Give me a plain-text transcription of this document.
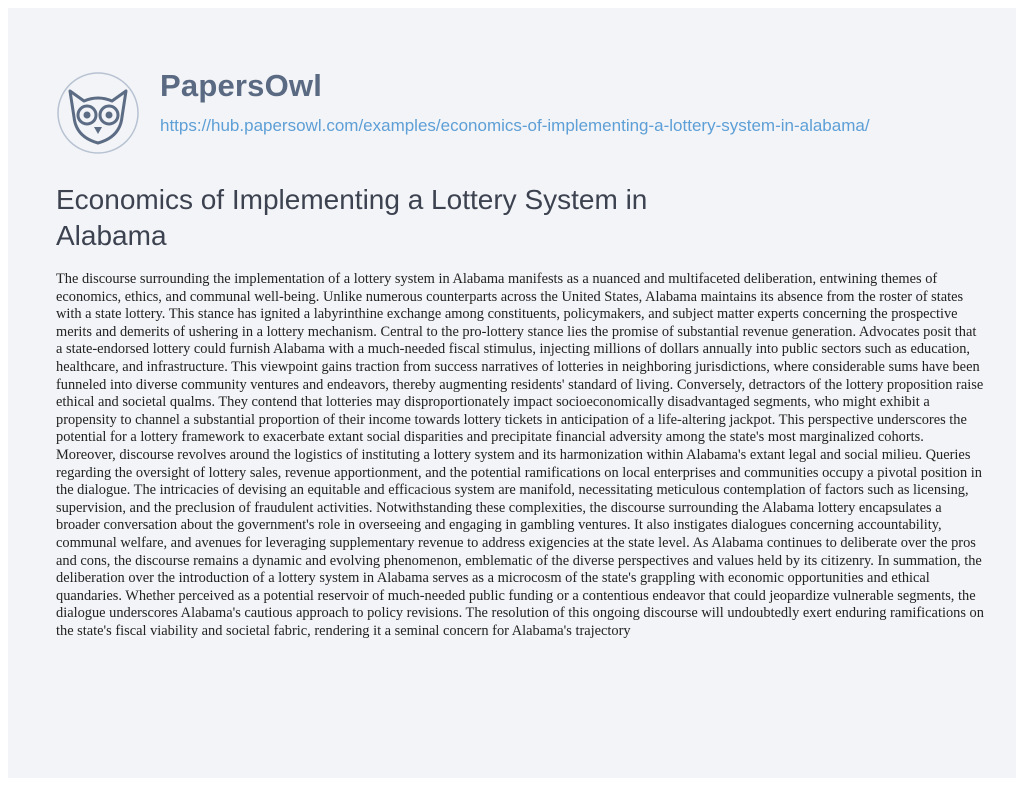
PapersOwl
https://hub.papersowl.com/examples/economics-of-implementing-a-lottery-system-in-alabama/
Economics of Implementing a Lottery System in Alabama

The discourse surrounding the implementation of a lottery system in Alabama manifests as a nuanced and multifaceted deliberation, entwining themes of economics, ethics, and communal well-being. Unlike numerous counterparts across the United States, Alabama maintains its absence from the roster of states with a state lottery. This stance has ignited a labyrinthine exchange among constituents, policymakers, and subject matter experts concerning the prospective merits and demerits of ushering in a lottery mechanism. Central to the pro-lottery stance lies the promise of substantial revenue generation. Advocates posit that a state-endorsed lottery could furnish Alabama with a much-needed fiscal stimulus, injecting millions of dollars annually into public sectors such as education, healthcare, and infrastructure. This viewpoint gains traction from success narratives of lotteries in neighboring jurisdictions, where considerable sums have been funneled into diverse community ventures and endeavors, thereby augmenting residents' standard of living. Conversely, detractors of the lottery proposition raise ethical and societal qualms. They contend that lotteries may disproportionately impact socioeconomically disadvantaged segments, who might exhibit a propensity to channel a substantial proportion of their income towards lottery tickets in anticipation of a life-altering jackpot. This perspective underscores the potential for a lottery framework to exacerbate extant social disparities and precipitate financial adversity among the state's most marginalized cohorts. Moreover, discourse revolves around the logistics of instituting a lottery system and its harmonization within Alabama's extant legal and social milieu. Queries regarding the oversight of lottery sales, revenue apportionment, and the potential ramifications on local enterprises and communities occupy a pivotal position in the dialogue. The intricacies of devising an equitable and efficacious system are manifold, necessitating meticulous contemplation of factors such as licensing, supervision, and the preclusion of fraudulent activities. Notwithstanding these complexities, the discourse surrounding the Alabama lottery encapsulates a broader conversation about the government's role in overseeing and engaging in gambling ventures. It also instigates dialogues concerning accountability, communal welfare, and avenues for leveraging supplementary revenue to address exigencies at the state level. As Alabama continues to deliberate over the pros and cons, the discourse remains a dynamic and evolving phenomenon, emblematic of the diverse perspectives and values held by its citizenry. In summation, the deliberation over the introduction of a lottery system in Alabama serves as a microcosm of the state's grappling with economic opportunities and ethical quandaries. Whether perceived as a potential reservoir of much-needed public funding or a contentious endeavor that could jeopardize vulnerable segments, the dialogue underscores Alabama's cautious approach to policy revisions. The resolution of this ongoing discourse will undoubtedly exert enduring ramifications on the state's fiscal viability and societal fabric, rendering it a seminal concern for Alabama's trajectory
